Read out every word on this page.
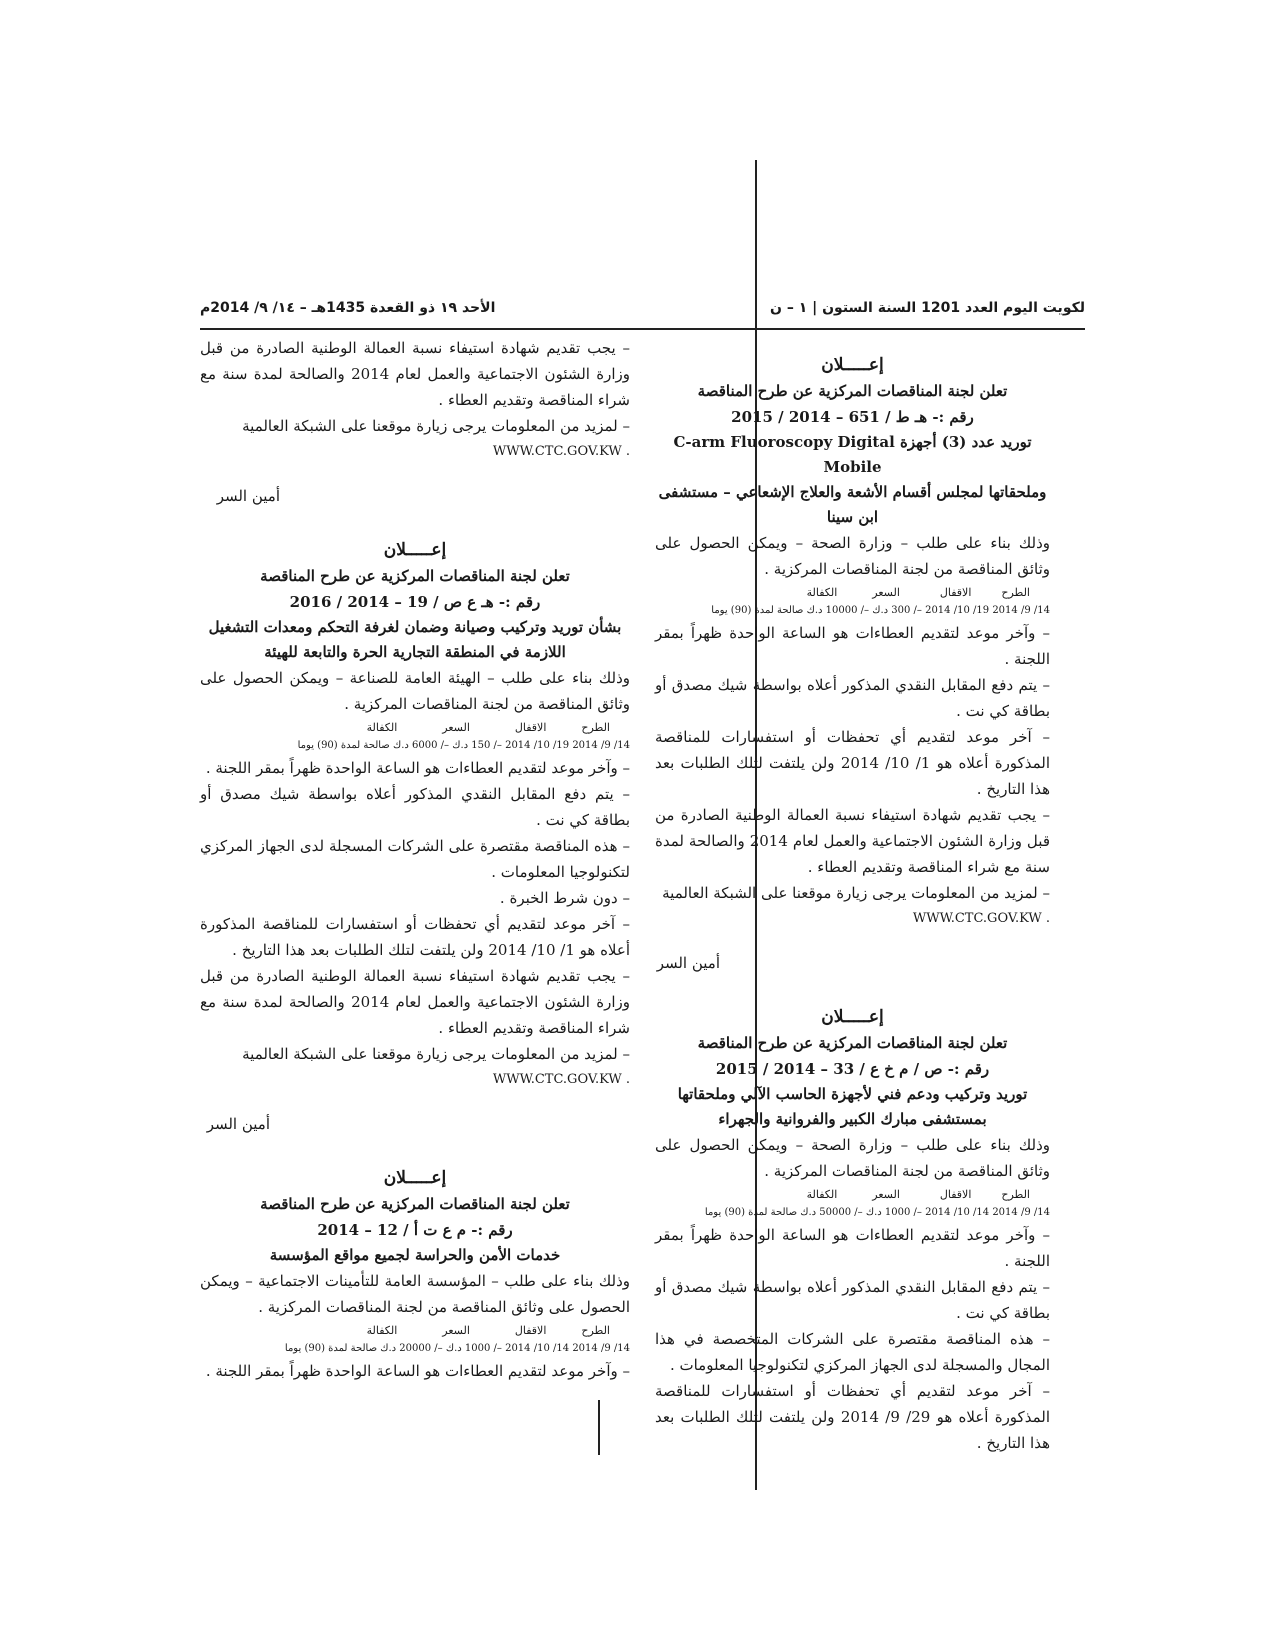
لكويت اليوم العدد 1201 السنة الستون | ١ – ن
الأحد ١٩ ذو القعدة 1435هـ – ١٤/ ٩/ 2014م
إعـــــلان
تعلن لجنة المناقصات المركزية عن طرح المناقصة
رقم :- هـ ط / 651 – 2014 / 2015
توريد عدد (3) أجهزة C-arm Fluoroscopy Digital Mobile
وملحقاتها لمجلس أقسام الأشعة والعلاج الإشعاعي – مستشفى ابن سينا
وذلك بناء على طلب – وزارة الصحة – ويمكن الحصول على وثائق المناقصة من لجنة المناقصات المركزية .
الطرح
الاقفال
السعر
الكفالة
14/ 9/ 2014 19/ 10/ 2014 –/ 300 د.ك –/ 10000 د.ك صالحة لمدة (90) يوما
– وآخر موعد لتقديم العطاءات هو الساعة الواحدة ظهراً بمقر اللجنة .
– يتم دفع المقابل النقدي المذكور أعلاه بواسطة شيك مصدق أو بطاقة كي نت .
– آخر موعد لتقديم أي تحفظات أو استفسارات للمناقصة المذكورة أعلاه هو 1/ 10/ 2014 ولن يلتفت لتلك الطلبات بعد هذا التاريخ .
– يجب تقديم شهادة استيفاء نسبة العمالة الوطنية الصادرة من قبل وزارة الشئون الاجتماعية والعمل لعام 2014 والصالحة لمدة سنة مع شراء المناقصة وتقديم العطاء .
– لمزيد من المعلومات يرجى زيارة موقعنا على الشبكة العالمية
WWW.CTC.GOV.KW .
أمين السر
إعـــــلان
تعلن لجنة المناقصات المركزية عن طرح المناقصة
رقم :- ص / م خ ع / 33 – 2014 / 2015
توريد وتركيب ودعم فني لأجهزة الحاسب الآلي وملحقاتها بمستشفى مبارك الكبير والفروانية والجهراء
وذلك بناء على طلب – وزارة الصحة – ويمكن الحصول على وثائق المناقصة من لجنة المناقصات المركزية .
الطرح
الاقفال
السعر
الكفالة
14/ 9/ 2014 14/ 10/ 2014 –/ 1000 د.ك –/ 50000 د.ك صالحة لمدة (90) يوما
– وآخر موعد لتقديم العطاءات هو الساعة الواحدة ظهراً بمقر اللجنة .
– يتم دفع المقابل النقدي المذكور أعلاه بواسطة شيك مصدق أو بطاقة كي نت .
– هذه المناقصة مقتصرة على الشركات المتخصصة في هذا المجال والمسجلة لدى الجهاز المركزي لتكنولوجيا المعلومات .
– آخر موعد لتقديم أي تحفظات أو استفسارات للمناقصة المذكورة أعلاه هو 29/ 9/ 2014 ولن يلتفت لتلك الطلبات بعد هذا التاريخ .
– يجب تقديم شهادة استيفاء نسبة العمالة الوطنية الصادرة من قبل وزارة الشئون الاجتماعية والعمل لعام 2014 والصالحة لمدة سنة مع شراء المناقصة وتقديم العطاء .
– لمزيد من المعلومات يرجى زيارة موقعنا على الشبكة العالمية
WWW.CTC.GOV.KW .
أمين السر
إعـــــلان
تعلن لجنة المناقصات المركزية عن طرح المناقصة
رقم :- هـ ع ص / 19 – 2014 / 2016
بشأن توريد وتركيب وصيانة وضمان لغرفة التحكم ومعدات التشغيل اللازمة في المنطقة التجارية الحرة والتابعة للهيئة
وذلك بناء على طلب – الهيئة العامة للصناعة – ويمكن الحصول على وثائق المناقصة من لجنة المناقصات المركزية .
الطرح
الاقفال
السعر
الكفالة
14/ 9/ 2014 19/ 10/ 2014 –/ 150 د.ك –/ 6000 د.ك صالحة لمدة (90) يوما
– وآخر موعد لتقديم العطاءات هو الساعة الواحدة ظهراً بمقر اللجنة .
– يتم دفع المقابل النقدي المذكور أعلاه بواسطة شيك مصدق أو بطاقة كي نت .
– هذه المناقصة مقتصرة على الشركات المسجلة لدى الجهاز المركزي لتكنولوجيا المعلومات .
– دون شرط الخبرة .
– آخر موعد لتقديم أي تحفظات أو استفسارات للمناقصة المذكورة أعلاه هو 1/ 10/ 2014 ولن يلتفت لتلك الطلبات بعد هذا التاريخ .
– يجب تقديم شهادة استيفاء نسبة العمالة الوطنية الصادرة من قبل وزارة الشئون الاجتماعية والعمل لعام 2014 والصالحة لمدة سنة مع شراء المناقصة وتقديم العطاء .
– لمزيد من المعلومات يرجى زيارة موقعنا على الشبكة العالمية
WWW.CTC.GOV.KW .
أمين السر
إعـــــلان
تعلن لجنة المناقصات المركزية عن طرح المناقصة
رقم :- م ع ت أ / 12 – 2014
خدمات الأمن والحراسة لجميع مواقع المؤسسة
وذلك بناء على طلب – المؤسسة العامة للتأمينات الاجتماعية – ويمكن الحصول على وثائق المناقصة من لجنة المناقصات المركزية .
الطرح
الاقفال
السعر
الكفالة
14/ 9/ 2014 14/ 10/ 2014 –/ 1000 د.ك –/ 20000 د.ك صالحة لمدة (90) يوما
– وآخر موعد لتقديم العطاءات هو الساعة الواحدة ظهراً بمقر اللجنة .
